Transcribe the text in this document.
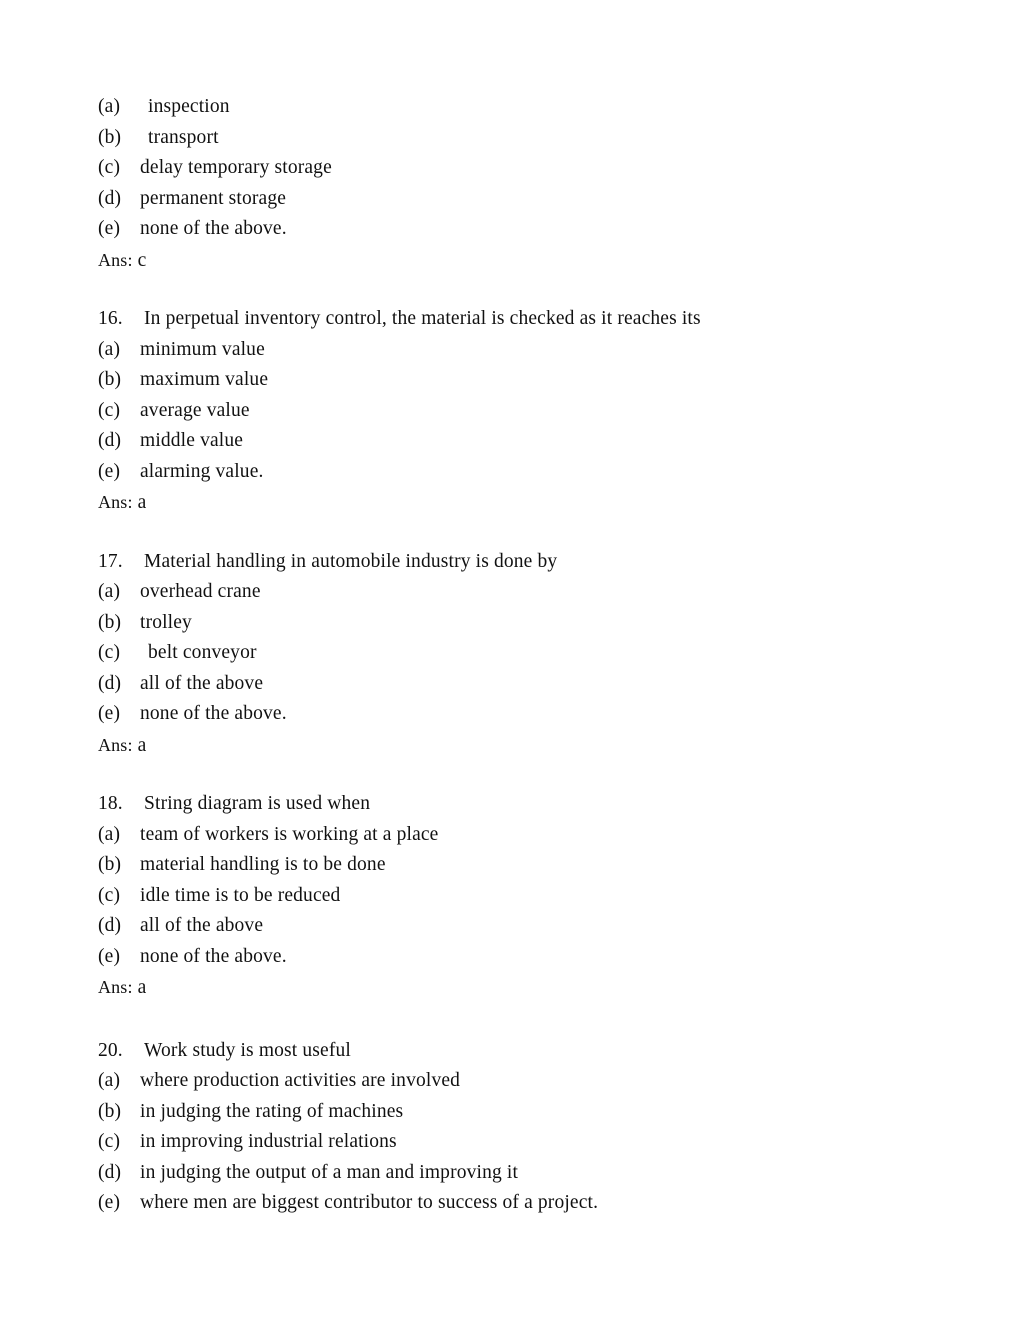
(a)	inspection
(b)	transport
(c)	delay temporary storage
(d) permanent storage
(e)	none of the above.
Ans: c
16.	In perpetual inventory control, the material is checked as it reaches its
(a)	minimum value
(b) maximum value
(c)	average value
(d) middle value
(e)	alarming value.
Ans: a
17.	Material handling in automobile industry is done by
(a)	overhead crane
(b) trolley
(c)	belt conveyor
(d) all of the above
(e)	none of the above.
Ans: a
18.	String diagram is used when
(a)	team of workers is working at a place
(b) material handling is to be done
(c)	idle time is to be reduced
(d) all of the above
(e)	none of the above.
Ans: a
20.	Work study is most useful
(a)	where production activities are involved
(b) in judging the rating of machines
(c)	in improving industrial relations
(d) in judging the output of a man and improving it
(e)	where men are biggest contributor to success of a project.
